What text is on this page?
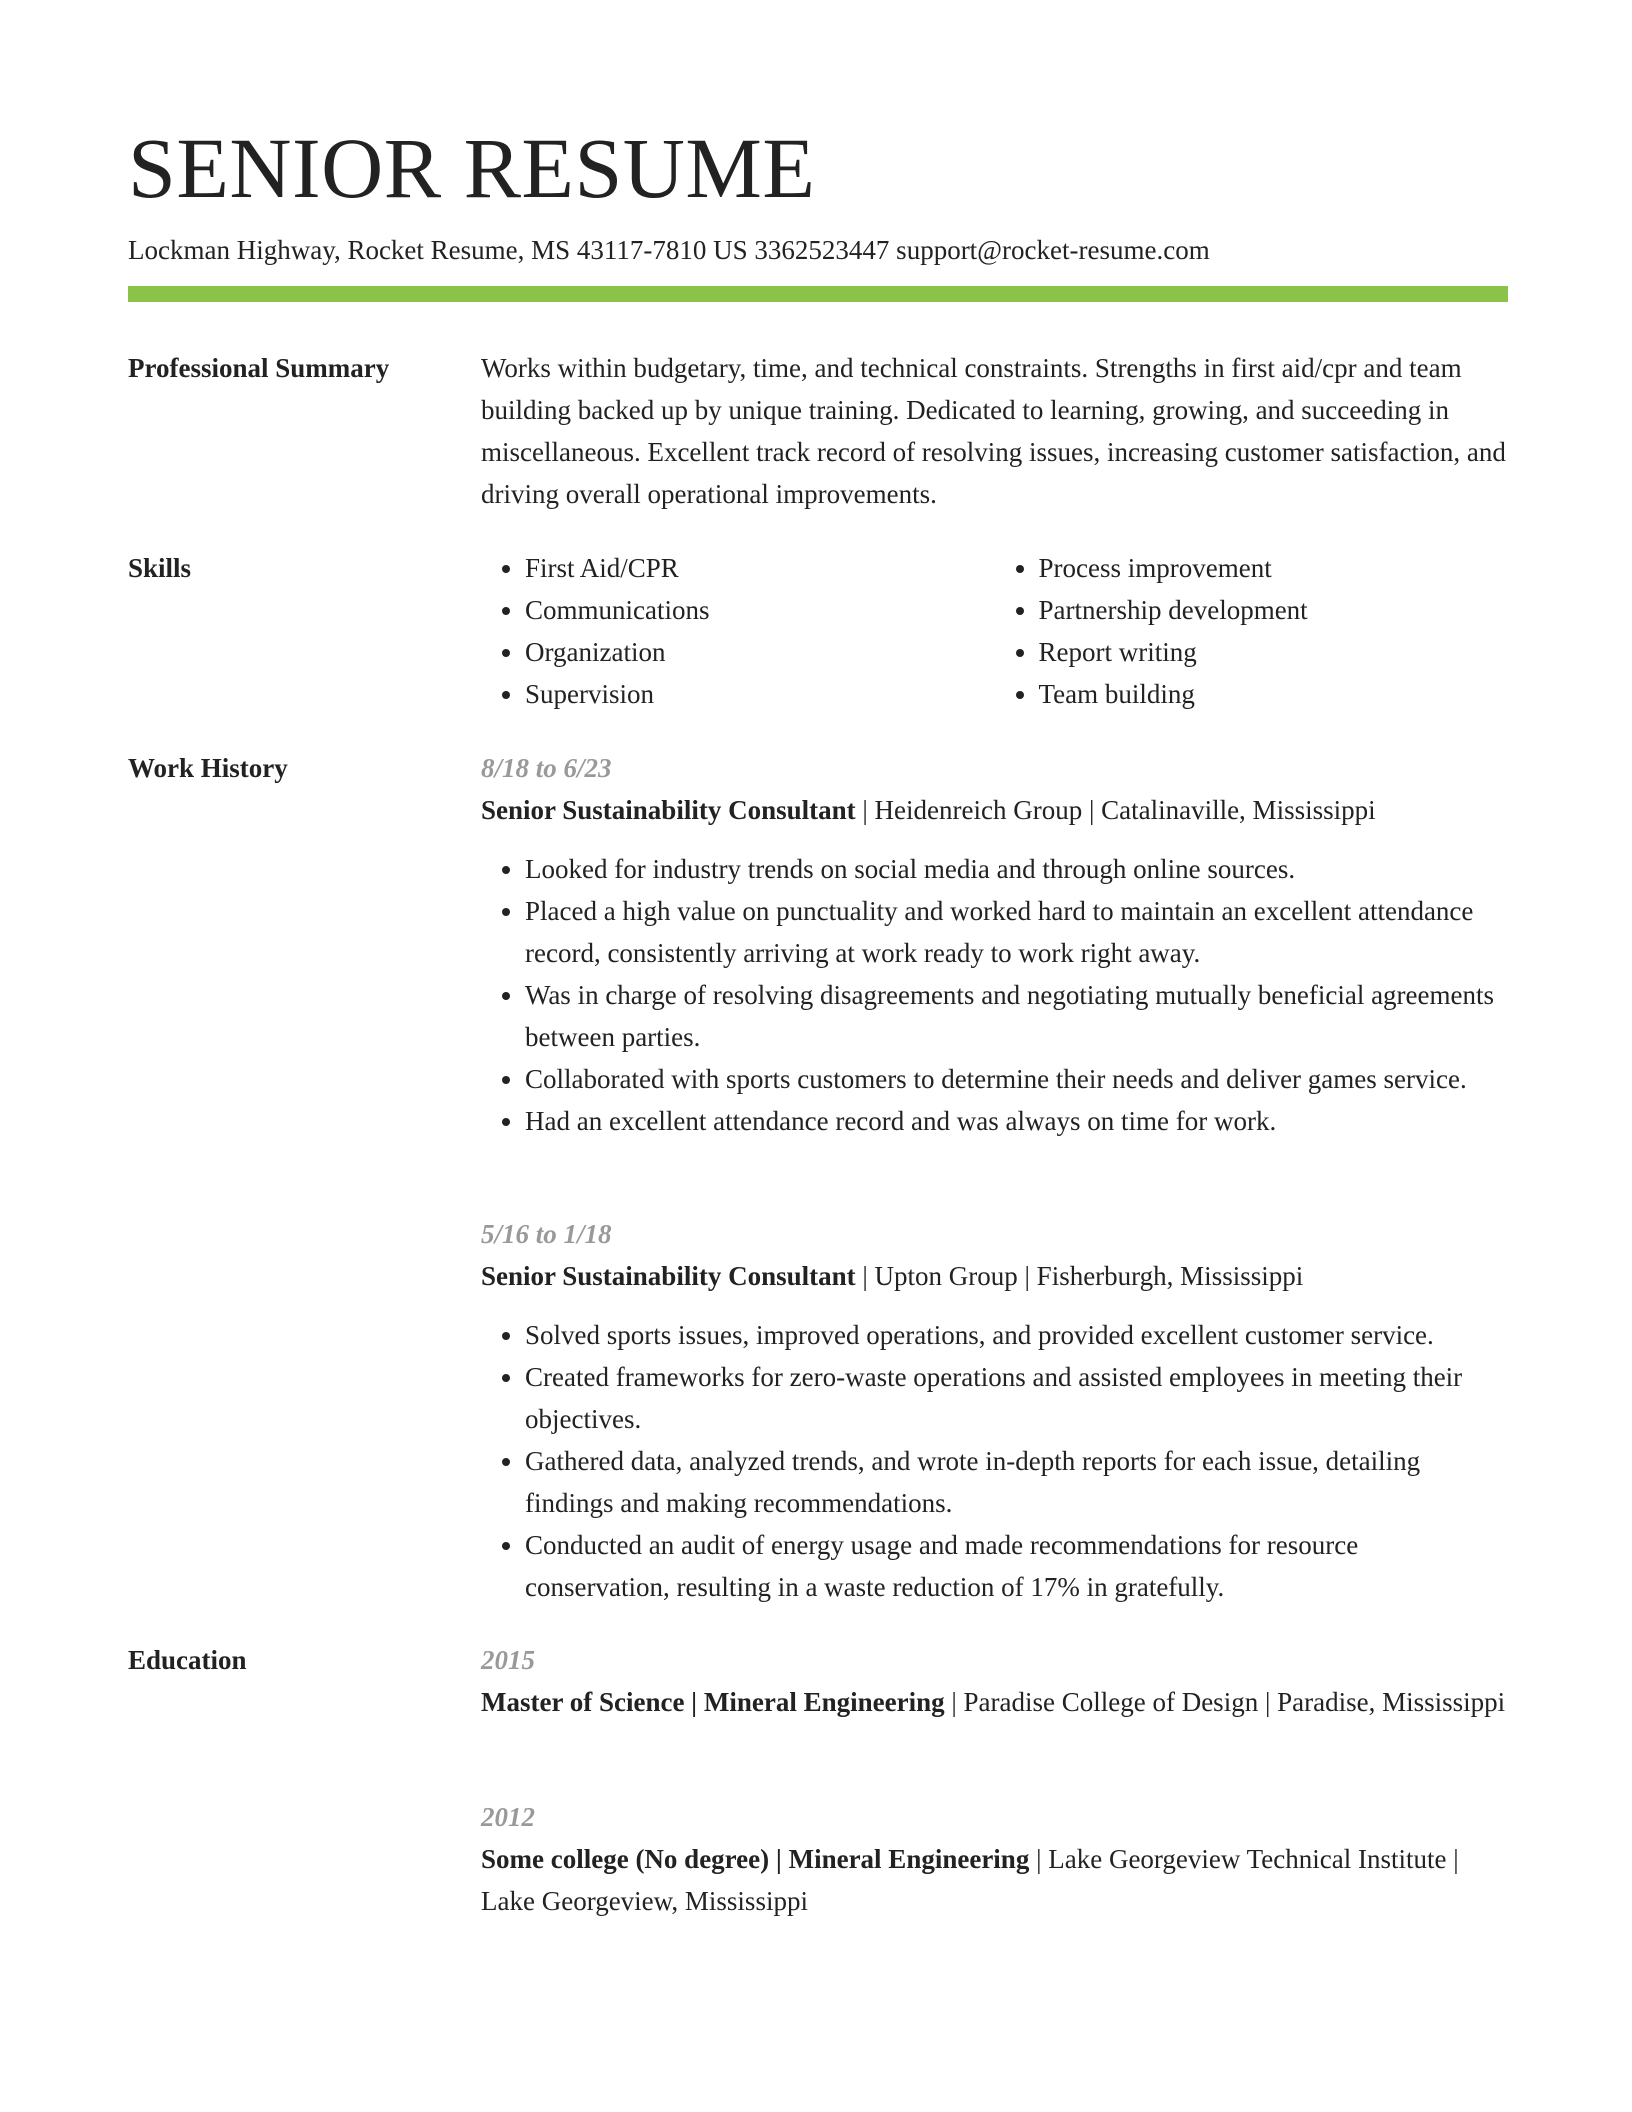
SENIOR RESUME
Lockman Highway, Rocket Resume, MS 43117-7810 US 3362523447 support@rocket-resume.com
Professional Summary	Works within budgetary, time, and technical constraints. Strengths in first aid/cpr and team building backed up by unique training. Dedicated to learning, growing, and succeeding in miscellaneous. Excellent track record of resolving issues, increasing customer satisfaction, and driving overall operational improvements.

Skills
•	First Aid/CPR
• Communications
• Organization
• Supervision
• Process improvement
• Partnership development
• Report writing
• Team building
Work History	8/18 to 6/23
Senior Sustainability Consultant | Heidenreich Group | Catalinaville, Mississippi
• Looked for industry trends on social media and through online sources.
• Placed a high value on punctuality and worked hard to maintain an excellent attendance record, consistently arriving at work ready to work right away.
• Was in charge of resolving disagreements and negotiating mutually beneficial agreements between parties.
• Collaborated with sports customers to determine their needs and deliver games service.
• Had an excellent attendance record and was always on time for work.
5/16 to 1/18
Senior Sustainability Consultant | Upton Group | Fisherburgh, Mississippi
• Solved sports issues, improved operations, and provided excellent customer service.
• Created frameworks for zero-waste operations and assisted employees in meeting their objectives.
• Gathered data, analyzed trends, and wrote in-depth reports for each issue, detailing findings and making recommendations.
• Conducted an audit of energy usage and made recommendations for resource conservation, resulting in a waste reduction of 17% in gratefully.
Education	2015
Master of Science | Mineral Engineering | Paradise College of Design | Paradise, Mississippi
2012
Some college (No degree) | Mineral Engineering | Lake Georgeview Technical Institute | Lake Georgeview, Mississippi
